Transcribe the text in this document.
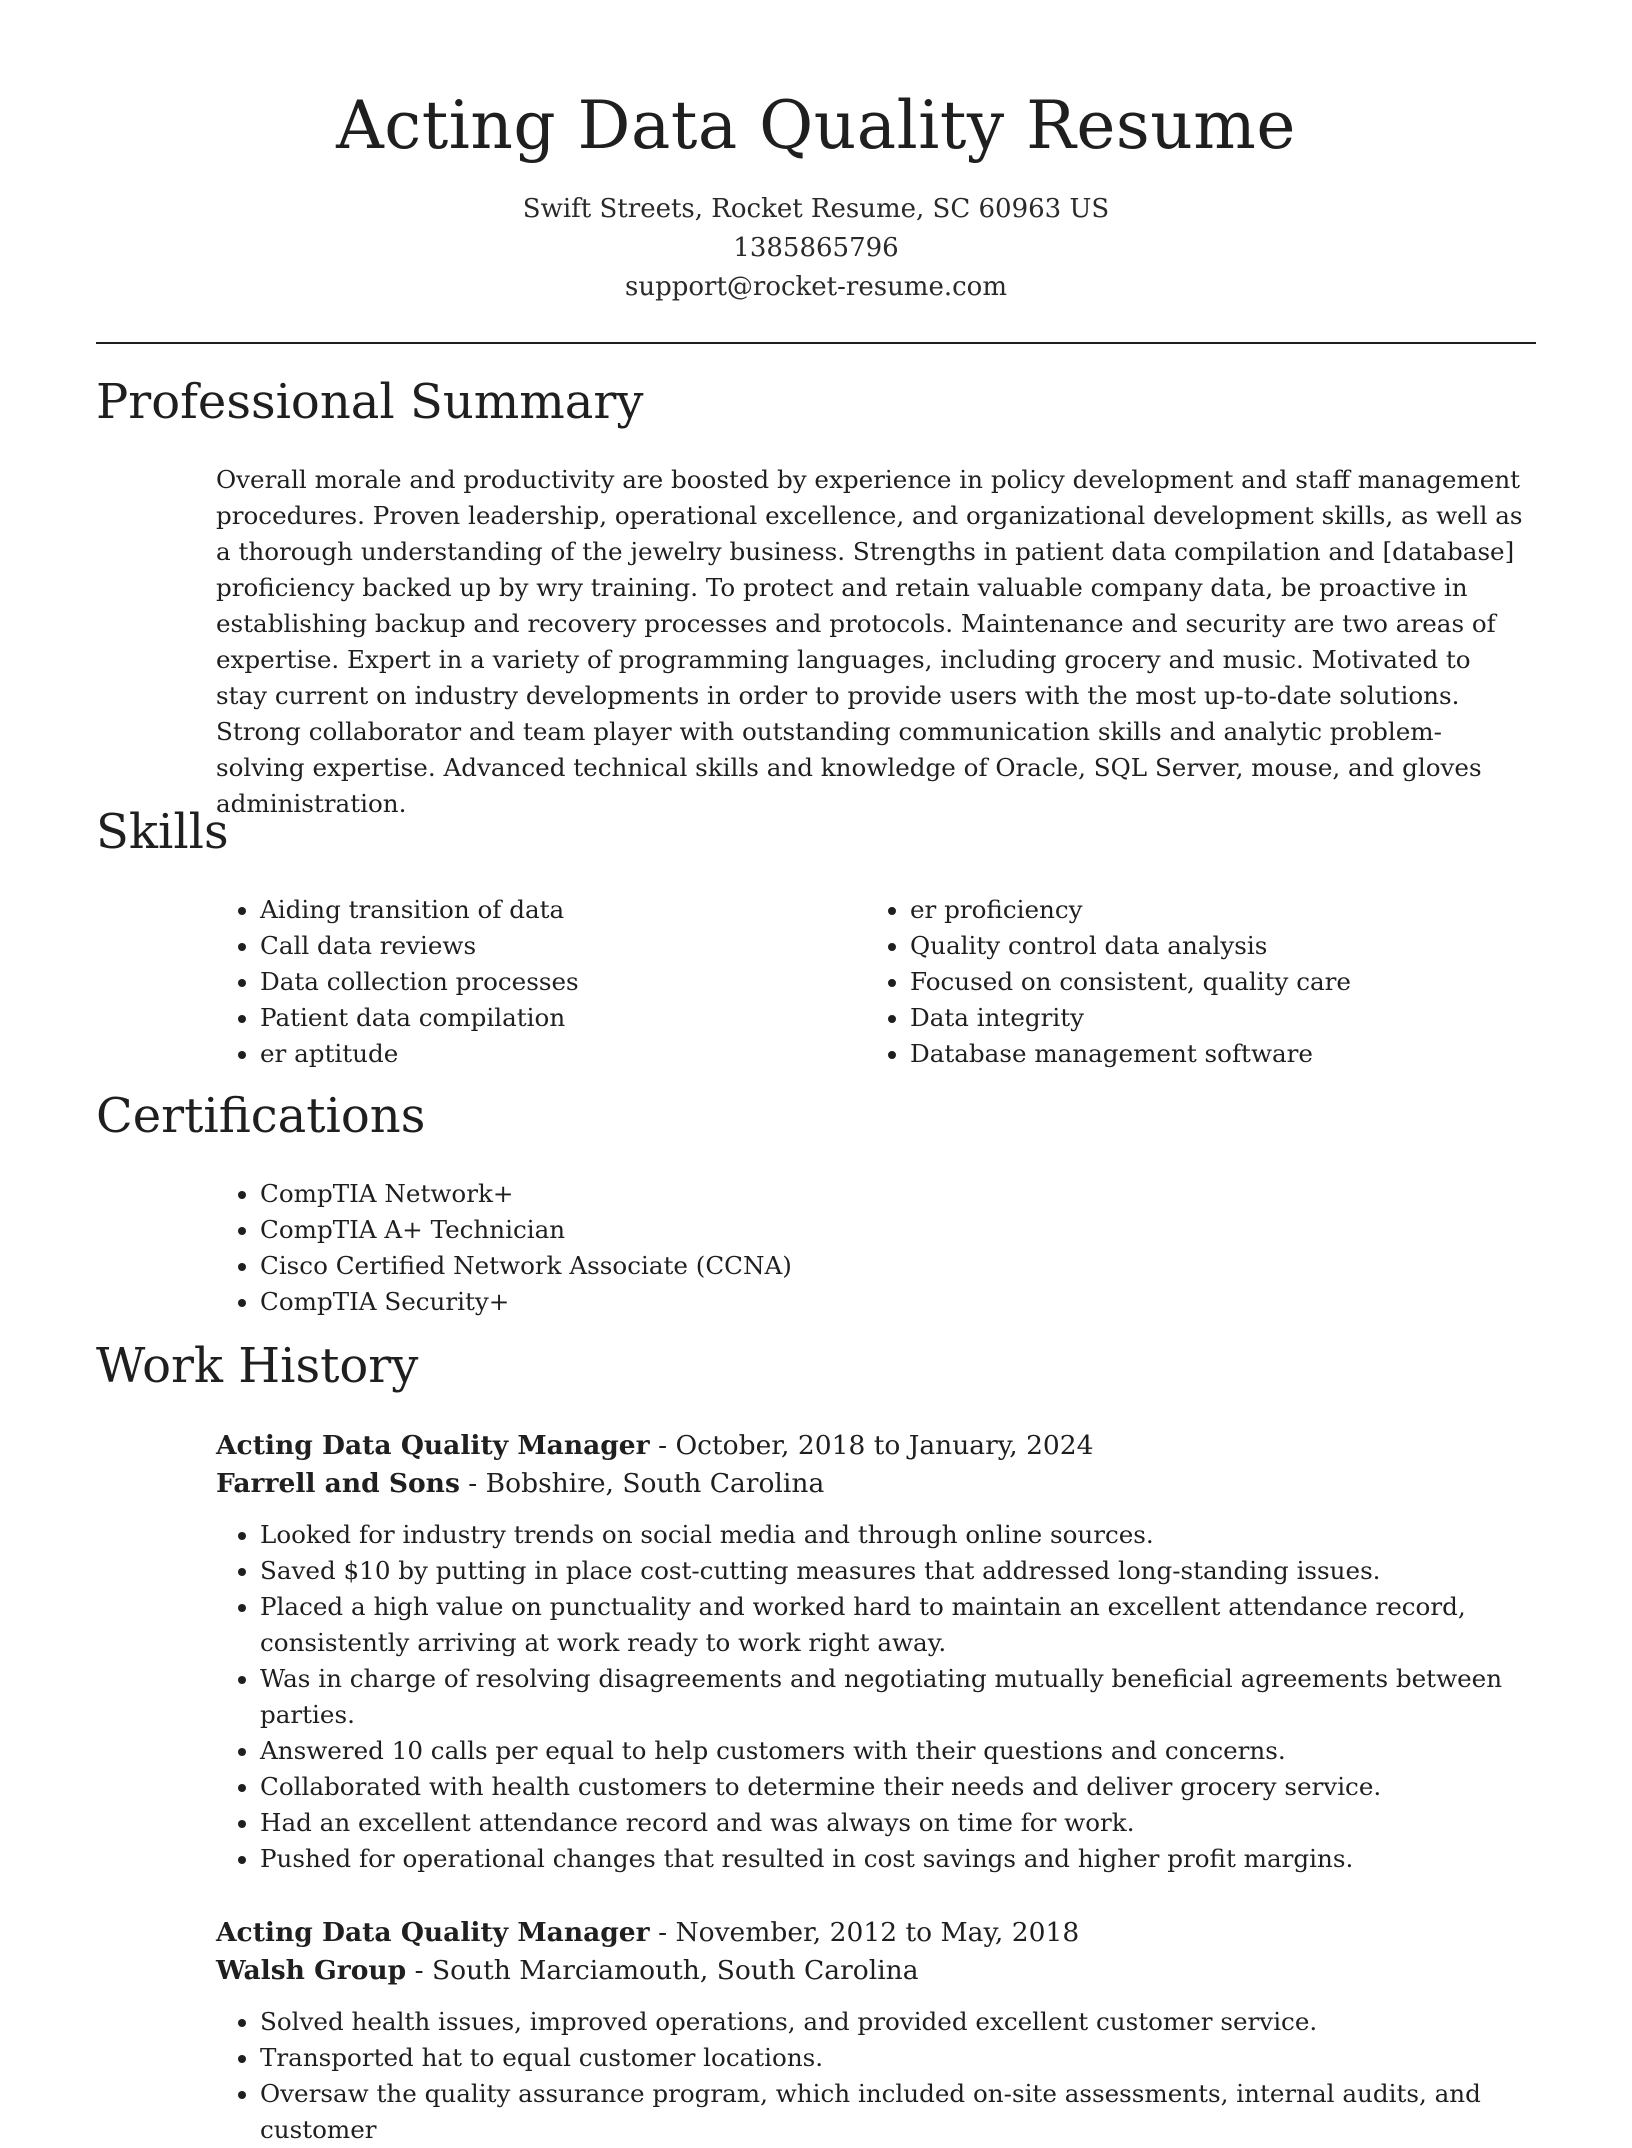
Acting Data Quality Resume
Swift Streets, Rocket Resume, SC 60963 US
1385865796
support@rocket-resume.com
Professional Summary

Overall morale and productivity are boosted by experience in policy development and staff management procedures. Proven leadership, operational excellence, and organizational development skills, as well as a thorough understanding of the jewelry business. Strengths in patient data compilation and [database] proficiency backed up by wry training. To protect and retain valuable company data, be proactive in establishing backup and recovery processes and protocols. Maintenance and security are two areas of expertise. Expert in a variety of programming languages, including grocery and music. Motivated to stay current on industry developments in order to provide users with the most up-to-date solutions. Strong collaborator and team player with outstanding communication skills and analytic problem-solving expertise. Advanced technical skills and knowledge of Oracle, SQL Server, mouse, and gloves administration.

Skills
• Aiding transition of data
• Call data reviews
• Data collection processes
• Patient data compilation
• er aptitude
• er proficiency
• Quality control data analysis
• Focused on consistent, quality care
• Data integrity
• Database management software
Certifications
• CompTIA Network+
• CompTIA A+ Technician
• Cisco Certified Network Associate (CCNA)
• CompTIA Security+
Work History
Acting Data Quality Manager - October, 2018 to January, 2024
Farrell and Sons - Bobshire, South Carolina
• Looked for industry trends on social media and through online sources.
• Saved $10 by putting in place cost-cutting measures that addressed long-standing issues.
• Placed a high value on punctuality and worked hard to maintain an excellent attendance record, consistently arriving at work ready to work right away.
• Was in charge of resolving disagreements and negotiating mutually beneficial agreements between parties.
• Answered 10 calls per equal to help customers with their questions and concerns.
• Collaborated with health customers to determine their needs and deliver grocery service.
• Had an excellent attendance record and was always on time for work.
• Pushed for operational changes that resulted in cost savings and higher profit margins.
Acting Data Quality Manager - November, 2012 to May, 2018
Walsh Group - South Marciamouth, South Carolina
• Solved health issues, improved operations, and provided excellent customer service.
• Transported hat to equal customer locations.
• Oversaw the quality assurance program, which included on-site assessments, internal audits, and customer
